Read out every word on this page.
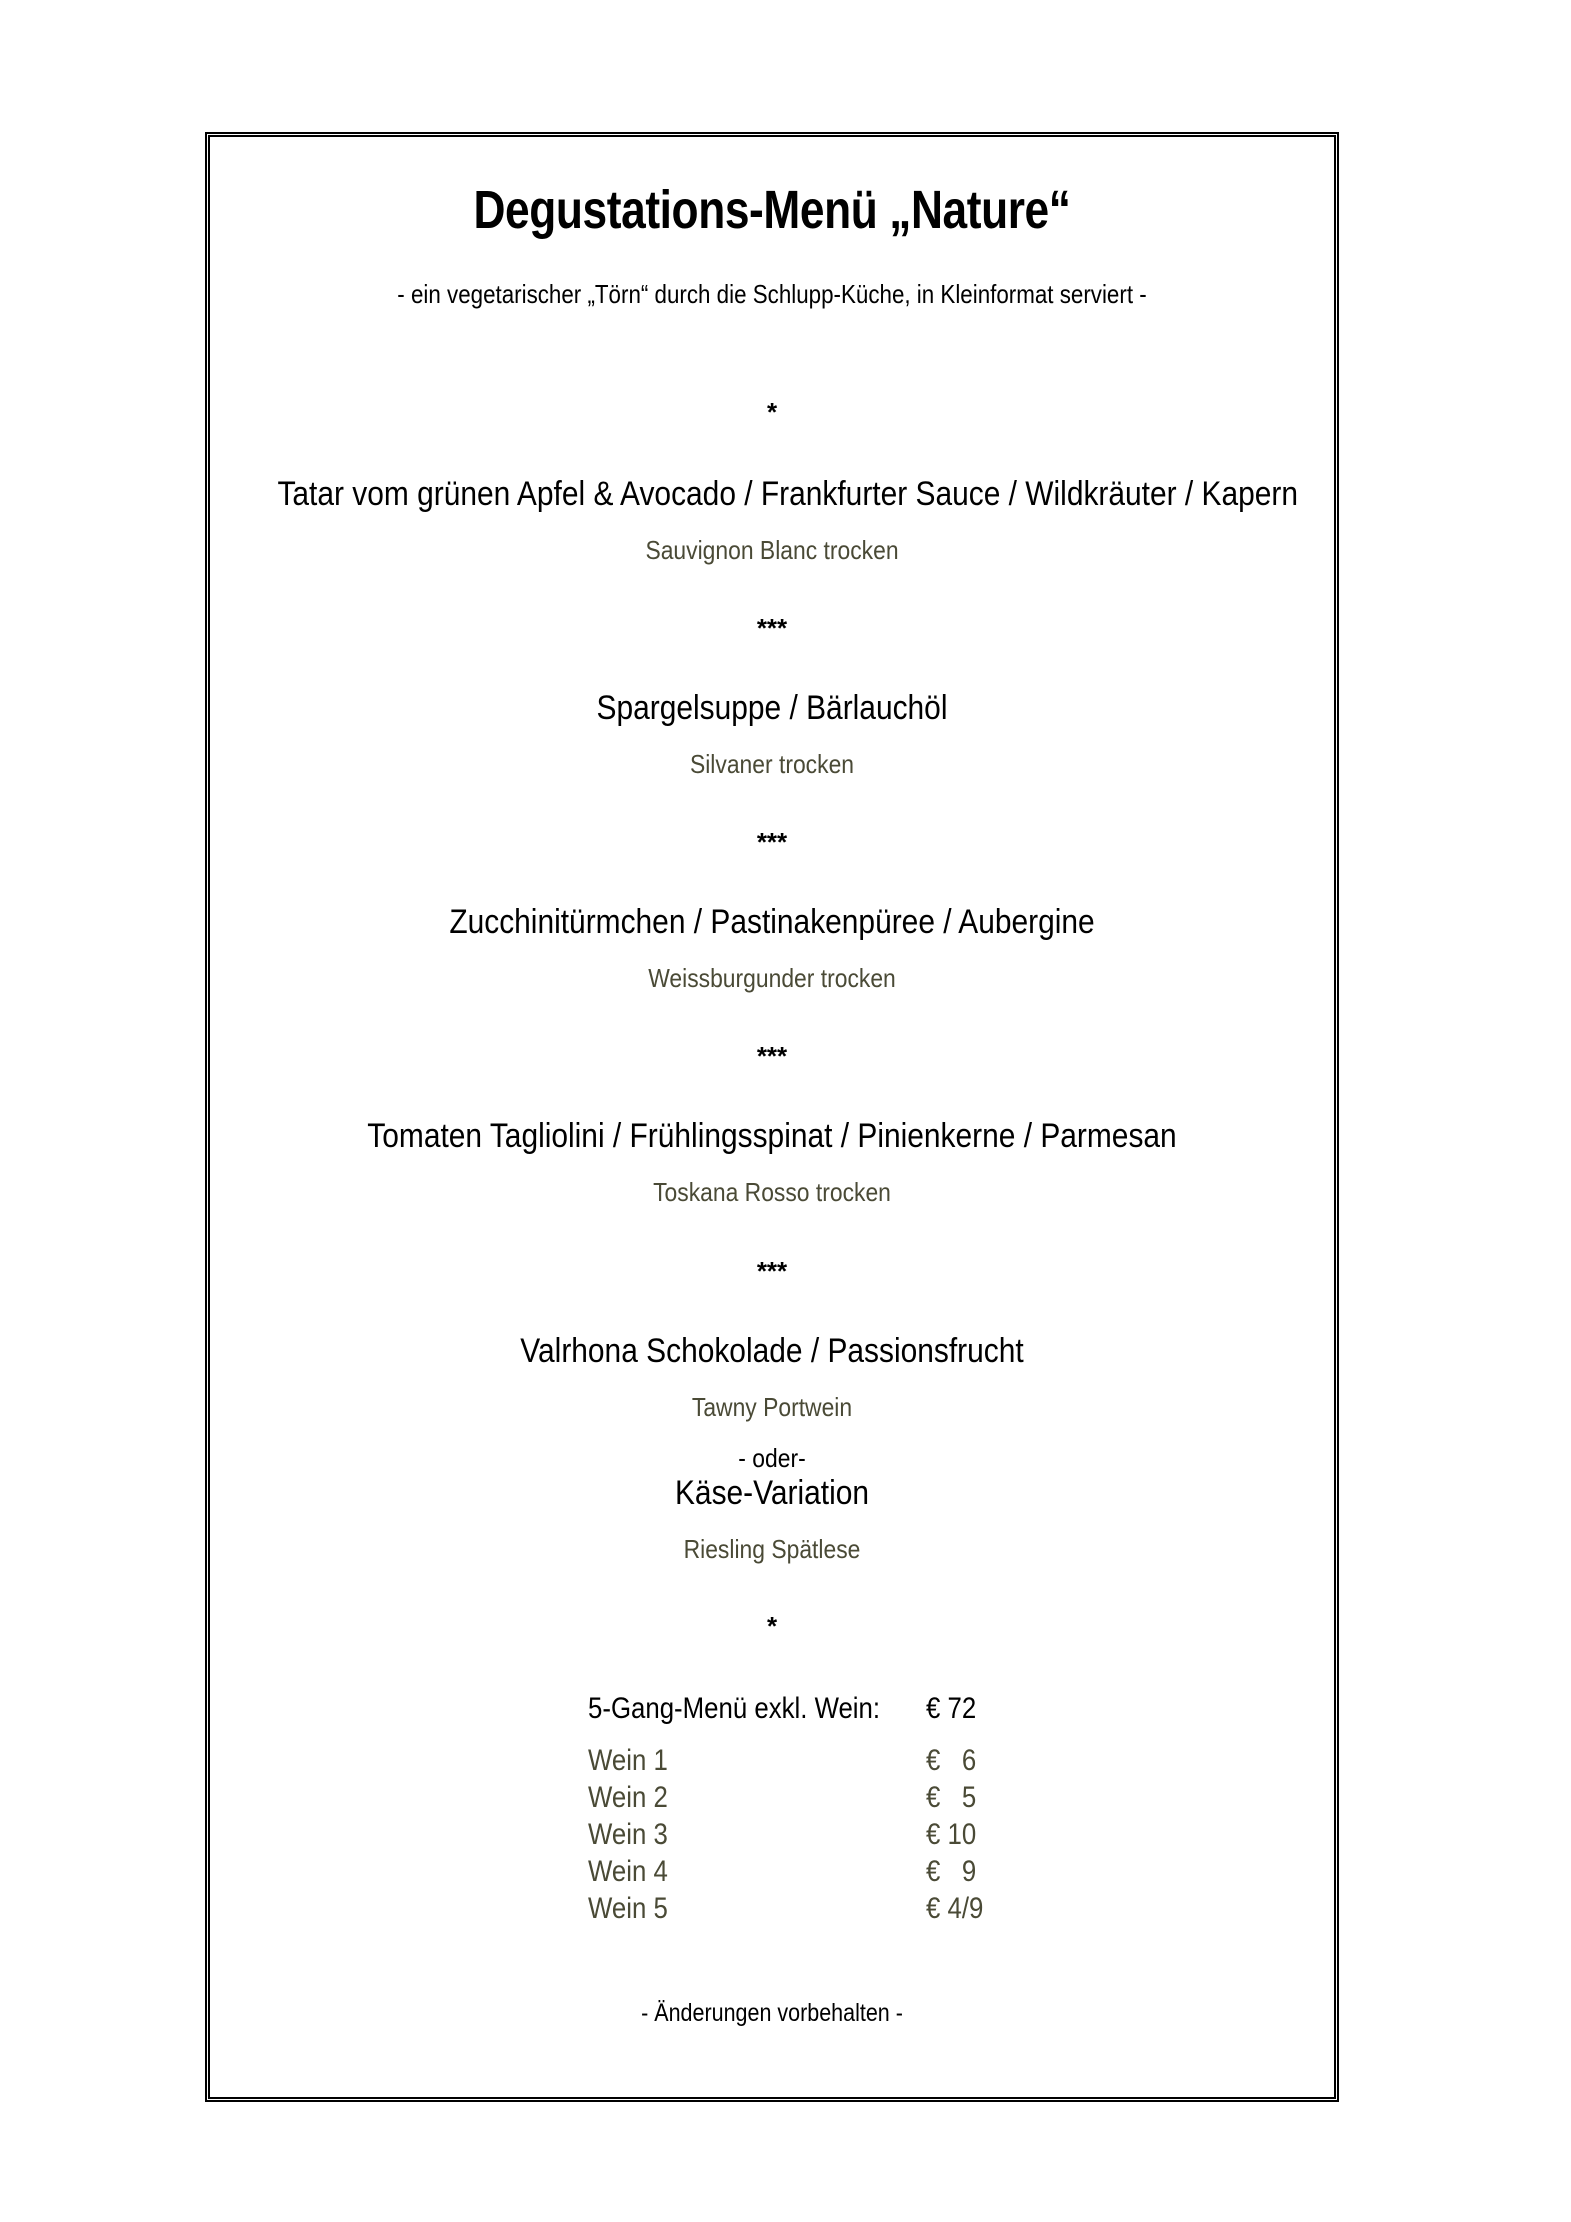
Degustations-Menü „Nature“
- ein vegetarischer „Törn“ durch die Schlupp-Küche, in Kleinformat serviert -
*
Tatar vom grünen Apfel & Avocado / Frankfurter Sauce / Wildkräuter / Kapern
Sauvignon Blanc trocken
***
Spargelsuppe / Bärlauchöl
Silvaner trocken
***
Zucchinitürmchen / Pastinakenpüree / Aubergine
Weissburgunder trocken
***
Tomaten Tagliolini / Frühlingsspinat / Pinienkerne / Parmesan
Toskana Rosso trocken
***
Valrhona Schokolade / Passionsfrucht
Tawny Portwein
- oder-
Käse-Variation
Riesling Spätlese
*
5-Gang-Menü exkl. Wein: € 72
Wein 1	€   6
Wein 2	€   5
Wein 3	€ 10
Wein 4	€   9
Wein 5	€ 4/9
- Änderungen vorbehalten -
